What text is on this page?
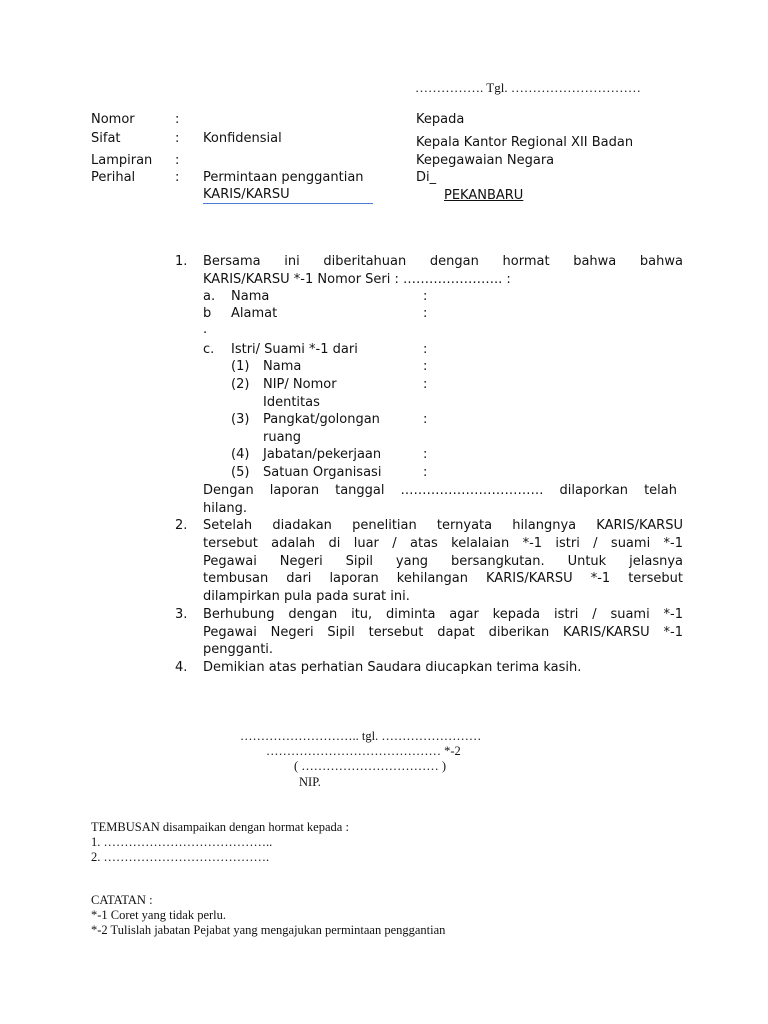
……………. Tgl. …………………………
Nomor	:
Sifat	: Konfidensial
Lampiran :
Perihal	: Permintaan penggantian
KARIS/KARSU
Kepada
Kepala Kantor Regional XII Badan
Kepegawaian Negara
Di_
PEKANBARU
1. Bersama ini diberitahuan dengan hormat bahwa bahwa
KARIS/KARSU *-1 Nomor Seri : ………………….. :
a. Nama	:
b Alamat	:
.
c. Istri/ Suami *-1 dari	:
(1) Nama	:
(2) NIP/ Nomor	:
Identitas
(3) Pangkat/golongan	:
ruang
(4) Jabatan/pekerjaan	:
(5) Satuan Organisasi	:
Dengan laporan tanggal …………………………… dilaporkan telah
hilang.
2. Setelah diadakan penelitian ternyata hilangnya KARIS/KARSU
tersebut adalah di luar / atas kelalaian *-1 istri / suami *-1
Pegawai Negeri Sipil yang bersangkutan. Untuk jelasnya
tembusan dari laporan kehilangan KARIS/KARSU *-1 tersebut
dilampirkan pula pada surat ini.
3. Berhubung dengan itu, diminta agar kepada istri / suami *-1
Pegawai Negeri Sipil tersebut dapat diberikan KARIS/KARSU *-1
pengganti.
4. Demikian atas perhatian Saudara diucapkan terima kasih.
……………………….. tgl. ……………………
…………………………………… *-2
( …………………………… )
NIP.
TEMBUSAN disampaikan dengan hormat kepada :
1. …………………………………..
2. ………………………………….
CATATAN :
*-1 Coret yang tidak perlu.
*-2 Tulislah jabatan Pejabat yang mengajukan permintaan penggantian
